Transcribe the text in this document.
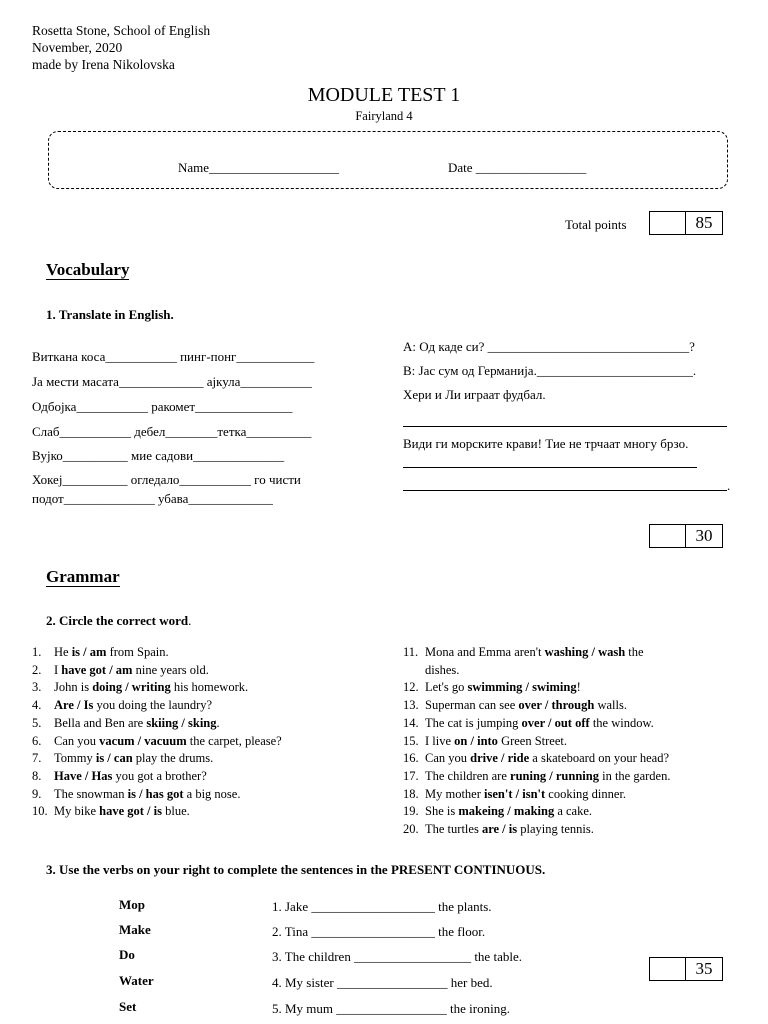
Rosetta Stone, School of English
November, 2020
made by Irena Nikolovska
MODULE TEST 1
Fairyland 4
Name____________________	Date _________________
Total points	85
Vocabulary
1. Translate in English.
Виткана коса___________ пинг-понг____________
Ја мести масата_____________ ајкула___________
Одбојка___________ ракомет_______________
Слаб___________ дебел________тетка__________
Вујко__________ мие садови______________
Хокеј__________ огледало___________ го чисти
подот______________ убава_____________
А: Од каде си? _______________________________?
В: Јас сум од Германија.________________________.
Хери и Ли играат фудбал.
Види ги морските крави! Тие не трчаат многу брзо.
.
30
Grammar
2. Circle the correct word.
1. He is / am from Spain.
2. I have got / am nine years old.
3. John is doing / writing his homework.
4. Are / Is you doing the laundry?
5. Bella and Ben are skiing / sking.
6. Can you vacum / vacuum the carpet, please?
7. Tommy is / can play the drums.
8. Have / Has you got a brother?
9. The snowman is / has got a big nose.
10. My bike have got / is blue.
11. Mona and Emma aren't washing / wash the
dishes.
12. Let's go swimming / swiming!
13. Superman can see over / through walls.
14. The cat is jumping over / out off the window.
15. I live on / into Green Street.
16. Can you drive / ride a skateboard on your head?
17. The children are runing / running in the garden.
18. My mother isen't / isn't cooking dinner.
19. She is makeing / making a cake.
20. The turtles are / is playing tennis.
3. Use the verbs on your right to complete the sentences in the PRESENT CONTINUOUS.
Mop
Make
Do
Water
Set
1. Jake ___________________ the plants.
2. Tina ___________________ the floor.
3. The children __________________ the table.
4. My sister _________________ her bed.
5. My mum _________________ the ironing.
35
